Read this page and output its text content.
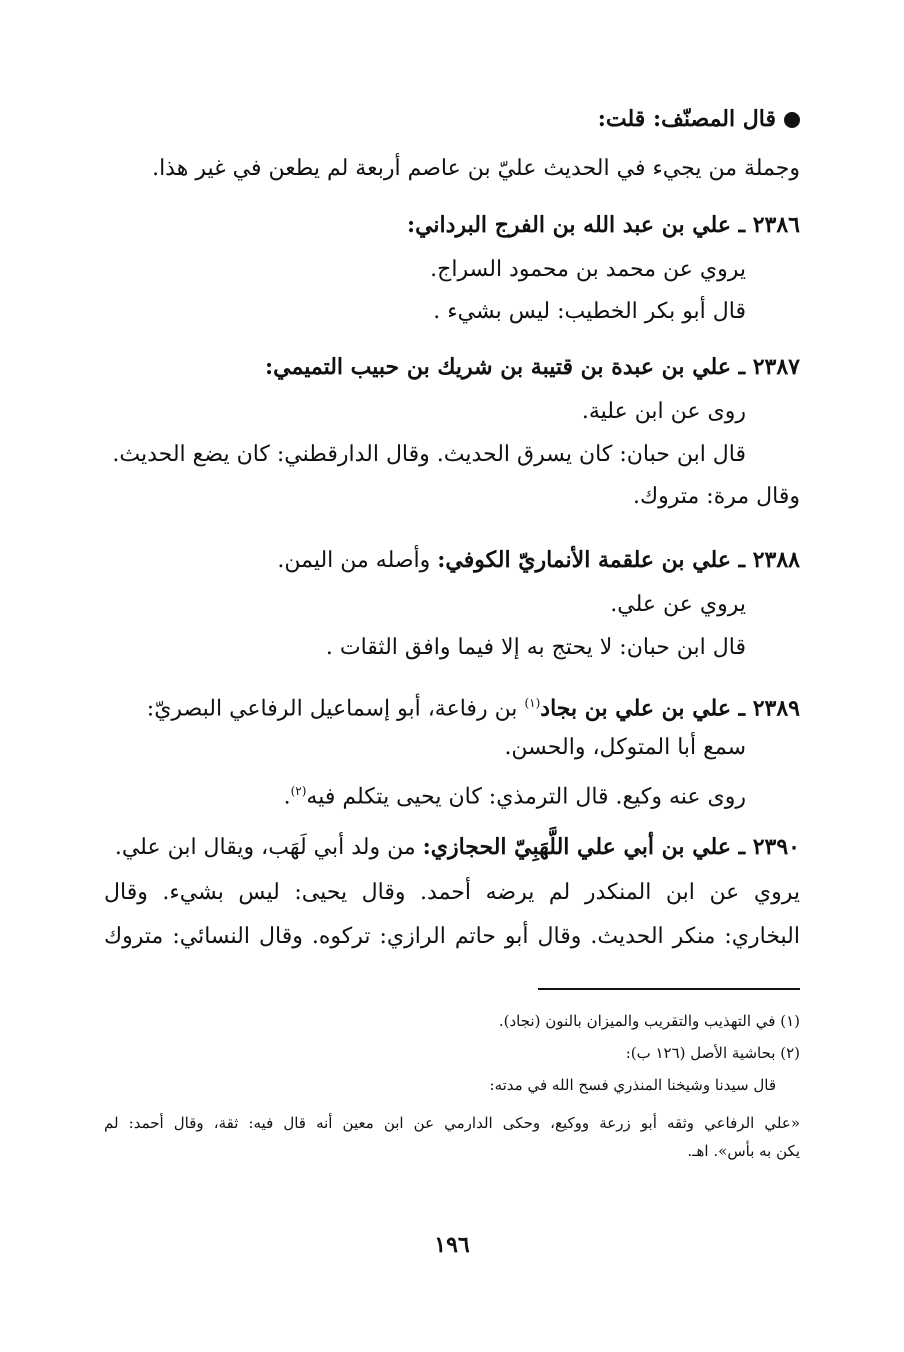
قال المصنّف: قلت:
وجملة من يجيء في الحديث عليّ بن عاصم أربعة لم يطعن في غير هذا.
٢٣٨٦ ـ علي بن عبد الله بن الفرج البرداني:
يروي عن محمد بن محمود السراج.
قال أبو بكر الخطيب: ليس بشيء .
٢٣٨٧ ـ علي بن عبدة بن قتيبة بن شريك بن حبيب التميمي:
روى عن ابن علية.
قال ابن حبان: كان يسرق الحديث. وقال الدارقطني: كان يضع الحديث.
وقال مرة: متروك.
٢٣٨٨ ـ علي بن علقمة الأنماريّ الكوفي: وأصله من اليمن.
يروي عن علي.
قال ابن حبان: لا يحتج به إلا فيما وافق الثقات .
٢٣٨٩ ـ علي بن علي بن بجاد$^{(١)}$ بن رفاعة، أبو إسماعيل الرفاعي البصريّ:
سمع أبا المتوكل، والحسن.
روى عنه وكيع. قال الترمذي: كان يحيى يتكلم فيه$^{(٢)}$.
٢٣٩٠ ـ علي بن أبي علي اللَّهَبِيّ الحجازي: من ولد أبي لَهَب، ويقال ابن علي.
يروي عن ابن المنكدر لم يرضه أحمد. وقال يحيى: ليس بشيء. وقال
البخاري: منكر الحديث. وقال أبو حاتم الرازي: تركوه. وقال النسائي: متروك
(١) في التهذيب والتقريب والميزان بالنون (نجاد).
(٢) بحاشية الأصل (١٢٦ ب):
قال سيدنا وشيخنا المنذري فسح الله في مدته:
«علي الرفاعي وثقه أبو زرعة ووكيع، وحكى الدارمي عن ابن معين أنه قال فيه: ثقة، وقال أحمد: لم
يكن به بأس». اهـ.
١٩٦
